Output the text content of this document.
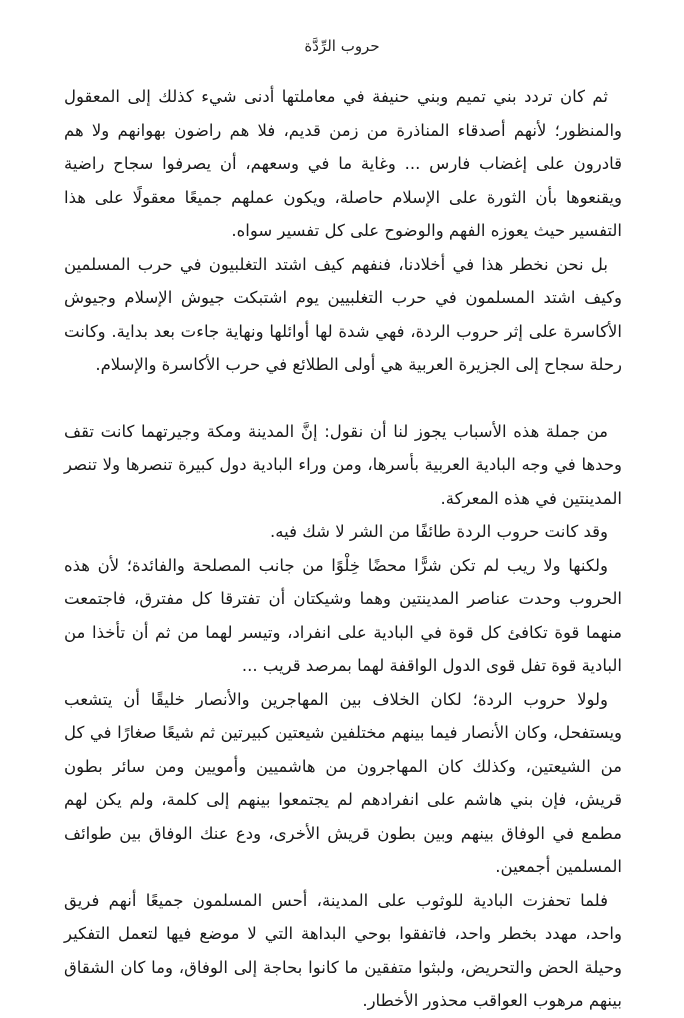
حروب الرِّدَّة

ثم كان تردد بني تميم وبني حنيفة في معاملتها أدنى شيء كذلك إلى المعقول والمنظور؛ لأنهم أصدقاء المناذرة من زمن قديم، فلا هم راضون بهوانهم ولا هم قادرون على إغضاب فارس ... وغاية ما في وسعهم، أن يصرفوا سجاح راضية ويقنعوها بأن الثورة على الإسلام حاصلة، ويكون عملهم جميعًا معقولًا على هذا التفسير حيث يعوزه الفهم والوضوح على كل تفسير سواه.

بل نحن نخطر هذا في أخلادنا، فنفهم كيف اشتد التغلبيون في حرب المسلمين وكيف اشتد المسلمون في حرب التغلبيين يوم اشتبكت جيوش الإسلام وجيوش الأكاسرة على إثر حروب الردة، فهي شدة لها أوائلها ونهاية جاءت بعد بداية. وكانت رحلة سجاح إلى الجزيرة العربية هي أولى الطلائع في حرب الأكاسرة والإسلام.

من جملة هذه الأسباب يجوز لنا أن نقول: إنَّ المدينة ومكة وجيرتهما كانت تقف وحدها في وجه البادية العربية بأسرها، ومن وراء البادية دول كبيرة تنصرها ولا تنصر المدينتين في هذه المعركة.

وقد كانت حروب الردة طائفًا من الشر لا شك فيه.

ولكنها ولا ريب لم تكن شرًّا محضًا خِلْوًا من جانب المصلحة والفائدة؛ لأن هذه الحروب وحدت عناصر المدينتين وهما وشيكتان أن تفترقا كل مفترق، فاجتمعت منهما قوة تكافئ كل قوة في البادية على انفراد، وتيسر لهما من ثم أن تأخذا من البادية قوة تفل قوى الدول الواقفة لهما بمرصد قريب ...

ولولا حروب الردة؛ لكان الخلاف بين المهاجرين والأنصار خليقًا أن يتشعب ويستفحل، وكان الأنصار فيما بينهم مختلفين شيعتين كبيرتين ثم شيعًا صغارًا في كل من الشيعتين، وكذلك كان المهاجرون من هاشميين وأمويين ومن سائر بطون قريش، فإن بني هاشم على انفرادهم لم يجتمعوا بينهم إلى كلمة، ولم يكن لهم مطمع في الوفاق بينهم وبين بطون قريش الأخرى، ودع عنك الوفاق بين طوائف المسلمين أجمعين.

فلما تحفزت البادية للوثوب على المدينة، أحس المسلمون جميعًا أنهم فريق واحد، مهدد بخطر واحد، فاتفقوا بوحي البداهة التي لا موضع فيها لتعمل التفكير وحيلة الحض والتحريض، ولبثوا متفقين ما كانوا بحاجة إلى الوفاق، وما كان الشقاق بينهم مرهوب العواقب محذور الأخطار.
